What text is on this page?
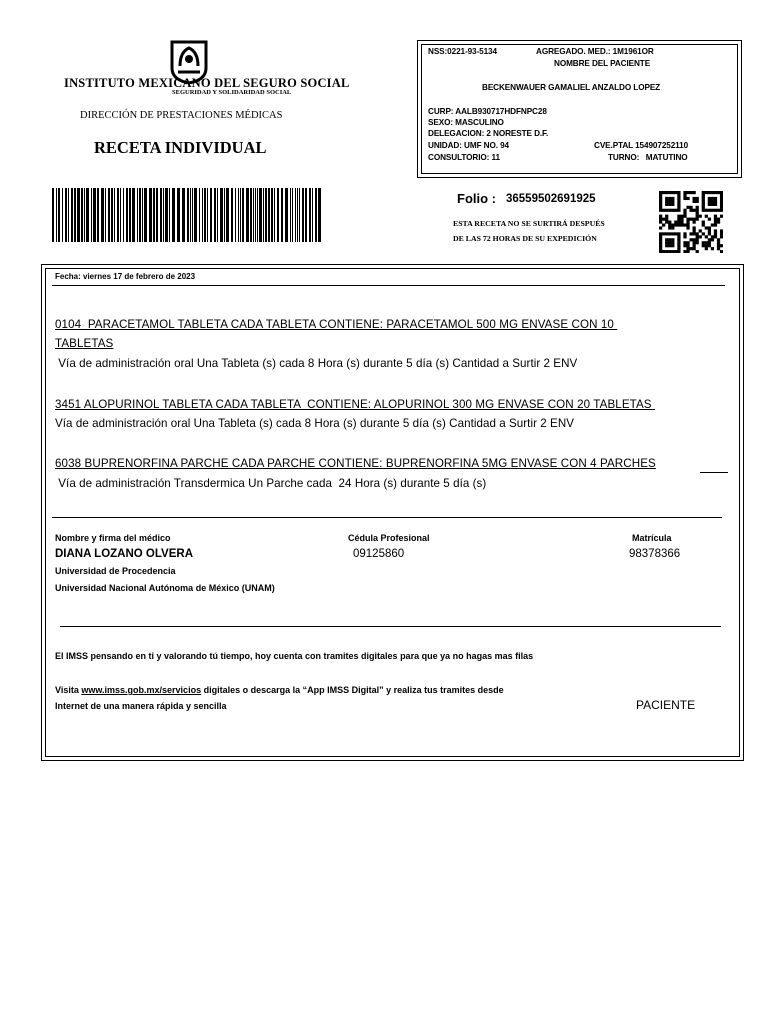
INSTITUTO MEXICANO DEL SEGURO SOCIAL
SEGURIDAD Y SOLIDARIDAD SOCIAL
DIRECCIÓN DE PRESTACIONES MÉDICAS
RECETA INDIVIDUAL
NSS:0221-93-5134	AGREGADO. MED.: 1M1961OR
NOMBRE DEL PACIENTE
BECKENWAUER GAMALIEL ANZALDO LOPEZ
CURP: AALB930717HDFNPC28
SEXO: MASCULINO
DELEGACION: 2 NORESTE D.F.
UNIDAD: UMF NO. 94	CVE.PTAL 154907252110
CONSULTORIO: 11	TURNO:   MATUTINO
Folio : 36559502691925
ESTA RECETA NO SE SURTIRÁ DESPUÉS
DE LAS 72 HORAS DE SU EXPEDICIÓN
Fecha: viernes 17 de febrero de 2023
0104  PARACETAMOL TABLETA CADA TABLETA CONTIENE: PARACETAMOL 500 MG ENVASE CON 10
TABLETAS
Vía de administración oral Una Tableta (s) cada 8 Hora (s) durante 5 día (s) Cantidad a Surtir 2 ENV
3451 ALOPURINOL TABLETA CADA TABLETA  CONTIENE: ALOPURINOL 300 MG ENVASE CON 20 TABLETAS
Vía de administración oral Una Tableta (s) cada 8 Hora (s) durante 5 día (s) Cantidad a Surtir 2 ENV
6038 BUPRENORFINA PARCHE CADA PARCHE CONTIENE: BUPRENORFINA 5MG ENVASE CON 4 PARCHES
Vía de administración Transdermica Un Parche cada  24 Hora (s) durante 5 día (s)
Nombre y firma del médico
DIANA LOZANO OLVERA
Universidad de Procedencia
Universidad Nacional Autónoma de México (UNAM)
Cédula Profesional
09125860
Matrícula
98378366
El IMSS pensando en ti y valorando tú tiempo, hoy cuenta con tramites digitales para que ya no hagas mas filas
Visita www.imss.gob.mx/servicios digitales o descarga la “App IMSS Digital” y realiza tus tramites desde
Internet de una manera rápida y sencilla	PACIENTE
